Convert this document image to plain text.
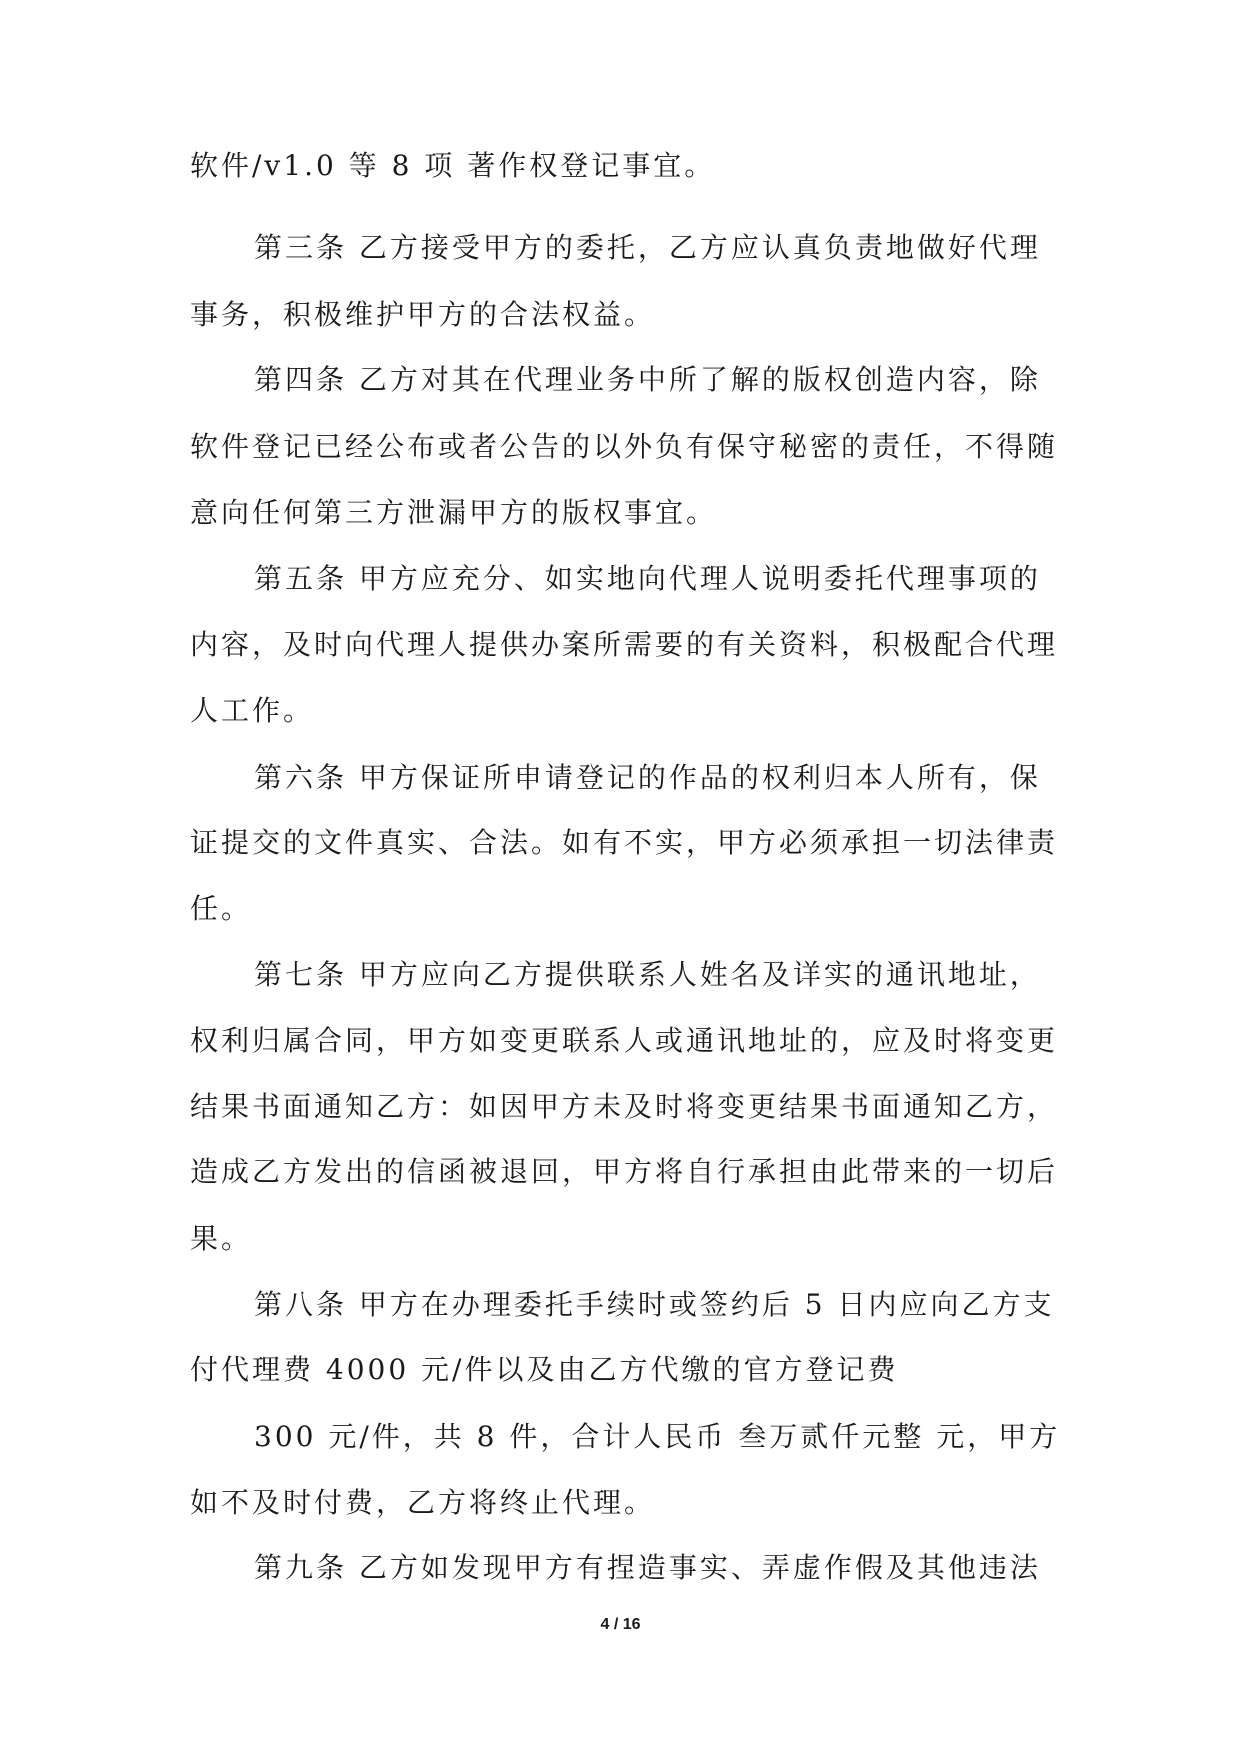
软件/v1.0 等 8 项 著作权登记事宜。
第三条 乙方接受甲方的委托，乙方应认真负责地做好代理
事务，积极维护甲方的合法权益。
第四条 乙方对其在代理业务中所了解的版权创造内容，除
软件登记已经公布或者公告的以外负有保守秘密的责任，不得随
意向任何第三方泄漏甲方的版权事宜。
第五条 甲方应充分、如实地向代理人说明委托代理事项的
内容，及时向代理人提供办案所需要的有关资料，积极配合代理
人工作。
第六条 甲方保证所申请登记的作品的权利归本人所有，保
证提交的文件真实、合法。如有不实，甲方必须承担一切法律责
任。
第七条 甲方应向乙方提供联系人姓名及详实的通讯地址，
权利归属合同，甲方如变更联系人或通讯地址的，应及时将变更
结果书面通知乙方：如因甲方未及时将变更结果书面通知乙方，
造成乙方发出的信函被退回，甲方将自行承担由此带来的一切后
果。
第八条 甲方在办理委托手续时或签约后 5 日内应向乙方支
付代理费 4000 元/件以及由乙方代缴的官方登记费
300 元/件，共 8 件，合计人民币 叁万贰仟元整 元，甲方
如不及时付费，乙方将终止代理。
第九条 乙方如发现甲方有捏造事实、弄虚作假及其他违法
4 / 16
